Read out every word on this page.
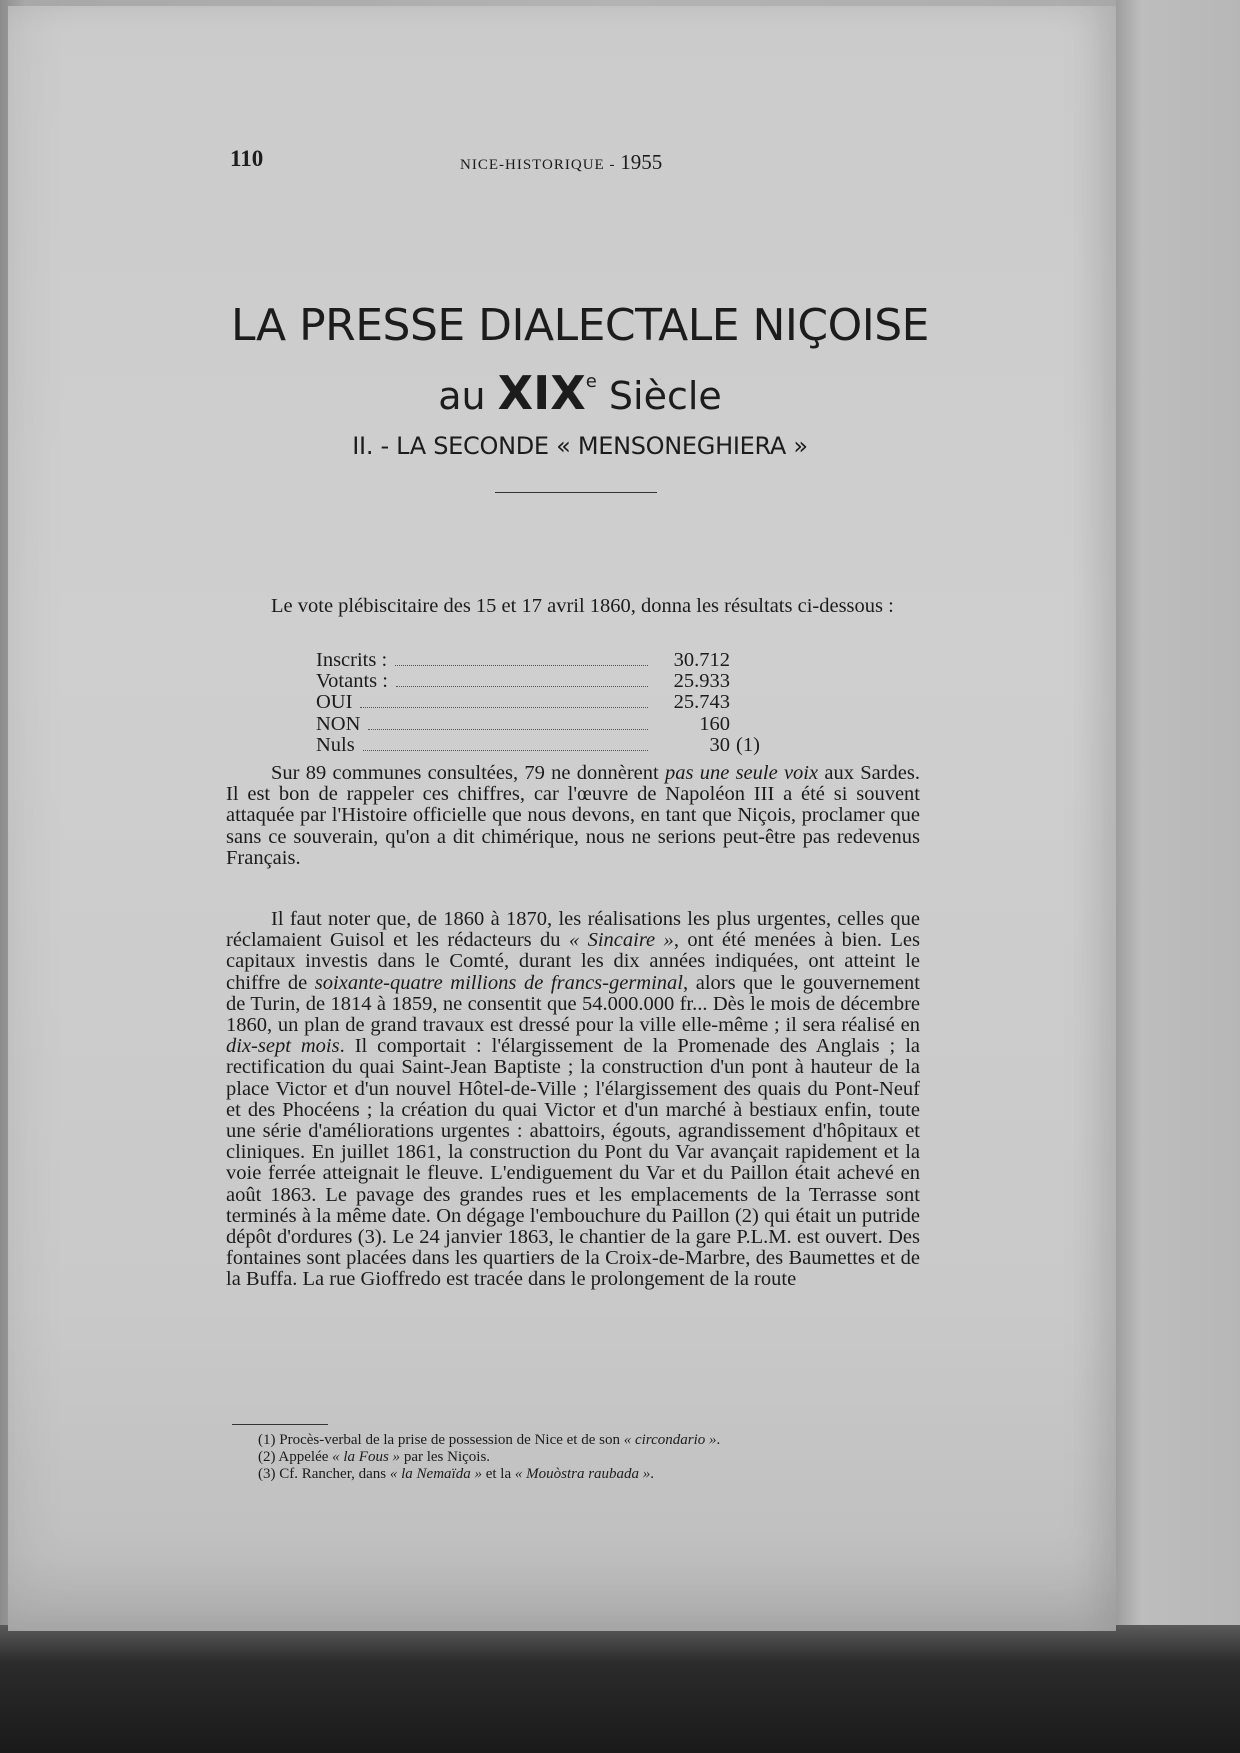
110	NICE-HISTORIQUE - 1955
LA PRESSE DIALECTALE NIÇOISE
au XIXe Siècle
II. - LA SECONDE « MENSONEGHIERA »

Le vote plébiscitaire des 15 et 17 avril 1860, donna les résultats ci-dessous :

Inscrits :	30.712
Votants :	25.933
OUI	25.743
NON	160
Nuls	30 (1)

Sur 89 communes consultées, 79 ne donnèrent pas une seule voix aux Sardes. Il est bon de rappeler ces chiffres, car l'œuvre de Napoléon III a été si souvent attaquée par l'Histoire officielle que nous devons, en tant que Niçois, proclamer que sans ce souverain, qu'on a dit chimérique, nous ne serions peut-être pas redevenus Français.

Il faut noter que, de 1860 à 1870, les réalisations les plus urgentes, celles que réclamaient Guisol et les rédacteurs du « Sincaire », ont été menées à bien. Les capitaux investis dans le Comté, durant les dix années indiquées, ont atteint le chiffre de soixante-quatre millions de francs-germinal, alors que le gouvernement de Turin, de 1814 à 1859, ne consentit que 54.000.000 fr... Dès le mois de décembre 1860, un plan de grand travaux est dressé pour la ville elle-même ; il sera réalisé en dix-sept mois. Il comportait : l'élargissement de la Promenade des Anglais ; la rectification du quai Saint-Jean Baptiste ; la construction d'un pont à hauteur de la place Victor et d'un nouvel Hôtel-de-Ville ; l'élargissement des quais du Pont-Neuf et des Phocéens ; la création du quai Victor et d'un marché à bestiaux enfin, toute une série d'améliorations urgentes : abattoirs, égouts, agrandissement d'hôpitaux et cliniques. En juillet 1861, la construction du Pont du Var avançait rapidement et la voie ferrée atteignait le fleuve. L'endiguement du Var et du Paillon était achevé en août 1863. Le pavage des grandes rues et les emplacements de la Terrasse sont terminés à la même date. On dégage l'embouchure du Paillon (2) qui était un putride dépôt d'ordures (3). Le 24 janvier 1863, le chantier de la gare P.L.M. est ouvert. Des fontaines sont placées dans les quartiers de la Croix-de-Marbre, des Baumettes et de la Buffa. La rue Gioffredo est tracée dans le prolongement de la route

(1) Procès-verbal de la prise de possession de Nice et de son « circondario ».
(2) Appelée « la Fous » par les Niçois.
(3) Cf. Rancher, dans « la Nemaïda » et la « Mouòstra raubada ».
